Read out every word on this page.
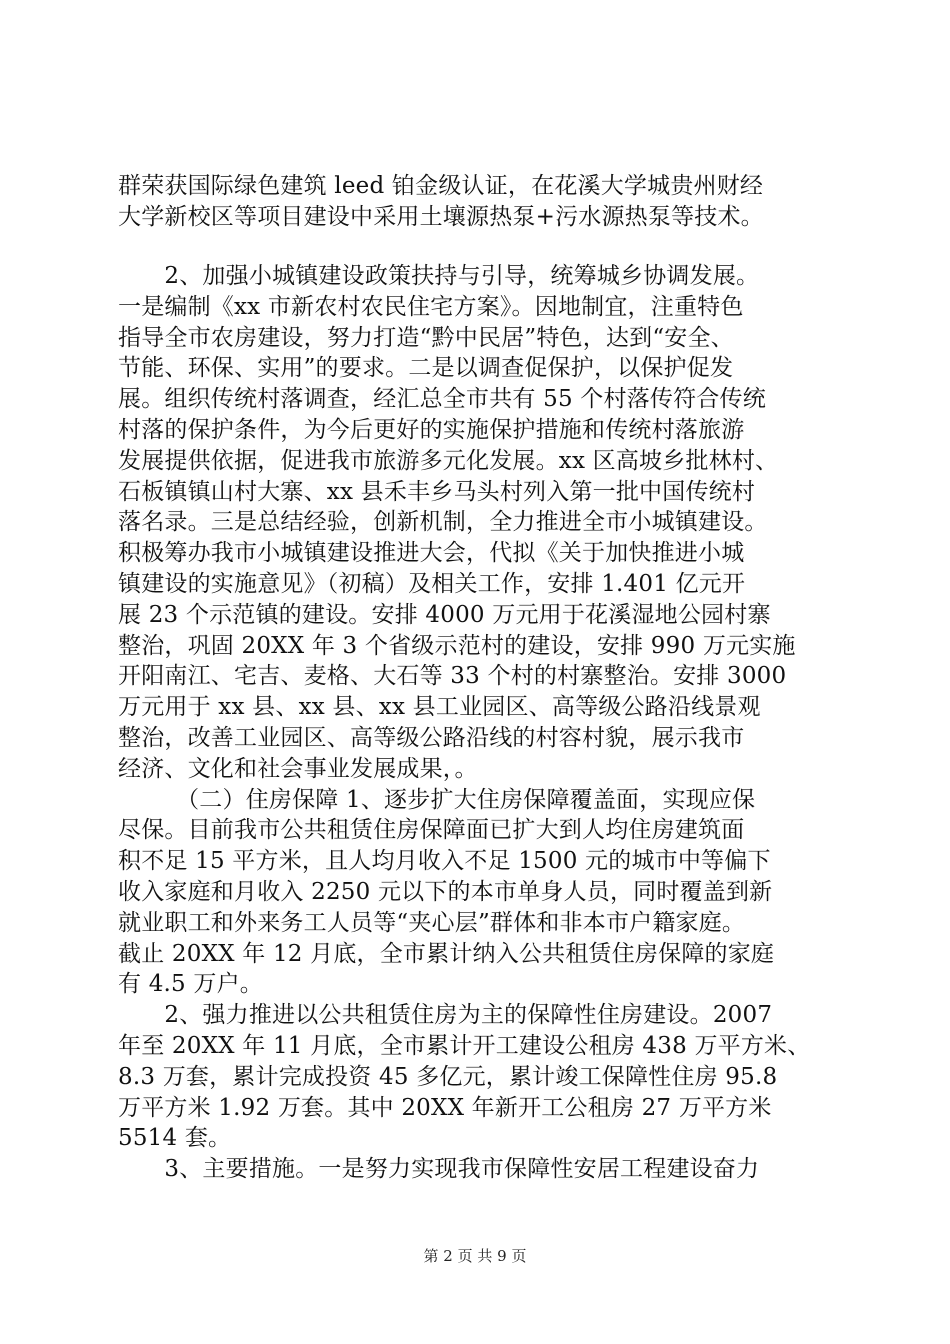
群荣获国际绿色建筑 leed 铂金级认证，在花溪大学城贵州财经
大学新校区等项目建设中采用土壤源热泵+污水源热泵等技术。
　　2、加强小城镇建设政策扶持与引导，统筹城乡协调发展。
一是编制《xx 市新农村农民住宅方案》。因地制宜，注重特色
指导全市农房建设，努力打造“黔中民居”特色，达到“安全、
节能、环保、实用”的要求。二是以调查促保护，以保护促发
展。组织传统村落调查，经汇总全市共有 55 个村落传符合传统
村落的保护条件，为今后更好的实施保护措施和传统村落旅游
发展提供依据，促进我市旅游多元化发展。xx 区高坡乡批林村、
石板镇镇山村大寨、xx 县禾丰乡马头村列入第一批中国传统村
落名录。三是总结经验，创新机制，全力推进全市小城镇建设。
积极筹办我市小城镇建设推进大会，代拟《关于加快推进小城
镇建设的实施意见》（初稿）及相关工作，安排 1.401 亿元开
展 23 个示范镇的建设。安排 4000 万元用于花溪湿地公园村寨
整治，巩固 20XX 年 3 个省级示范村的建设，安排 990 万元实施
开阳南江、宅吉、麦格、大石等 33 个村的村寨整治。安排 3000
万元用于 xx 县、xx 县、xx 县工业园区、高等级公路沿线景观
整治，改善工业园区、高等级公路沿线的村容村貌，展示我市
经济、文化和社会事业发展成果，。
　　　（二）住房保障 1、逐步扩大住房保障覆盖面，实现应保
尽保。目前我市公共租赁住房保障面已扩大到人均住房建筑面
积不足 15 平方米，且人均月收入不足 1500 元的城市中等偏下
收入家庭和月收入 2250 元以下的本市单身人员，同时覆盖到新
就业职工和外来务工人员等“夹心层”群体和非本市户籍家庭。
截止 20XX 年 12 月底，全市累计纳入公共租赁住房保障的家庭
有 4.5 万户。
　　2、强力推进以公共租赁住房为主的保障性住房建设。2007
年至 20XX 年 11 月底，全市累计开工建设公租房 438 万平方米、
8.3 万套，累计完成投资 45 多亿元，累计竣工保障性住房 95.8
万平方米 1.92 万套。其中 20XX 年新开工公租房 27 万平方米
5514 套。
　　3、主要措施。一是努力实现我市保障性安居工程建设奋力
第 2 页 共 9 页
